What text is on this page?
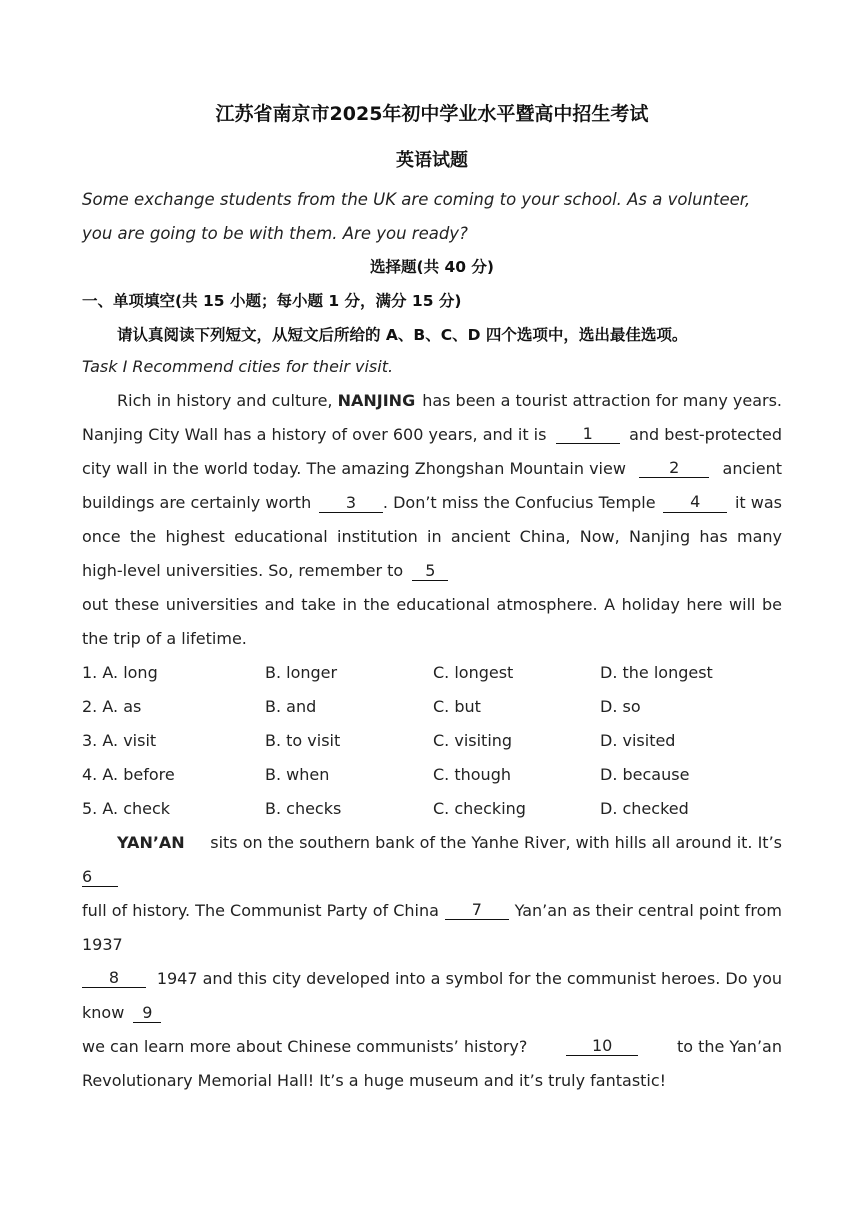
江苏省南京市2025年初中学业水平暨高中招生考试
英语试题
Some exchange students from the UK are coming to your school. As a volunteer, you are going to be with them. Are you ready?
选择题(共 40 分)
一、单项填空(共 15 小题；每小题 1 分，满分 15 分)
请认真阅读下列短文，从短文后所给的 A、B、C、D 四个选项中，选出最佳选项。
Task I Recommend cities for their visit.
Rich in history and culture, NANJING has been a tourist attraction for many years.
Nanjing City Wall has a history of over 600 years, and it is	1	and best-protected
city wall in the world today. The amazing Zhongshan Mountain view	2	ancient
buildings are certainly worth	3 . Don’t miss the Confucius Temple	4	it was
once the highest educational institution in ancient China, Now, Nanjing has many
high-level universities. So, remember to 5
out these universities and take in the educational atmosphere. A holiday here will be
the trip of a lifetime.
1. A. long	B. longer	C. longest	D. the longest
2. A. as	B. and	C. but	D. so
3. A. visit	B. to visit	C. visiting	D. visited
4. A. before	B. when	C. though	D. because
5. A. check	B. checks	C. checking	D. checked
YAN’AN sits on the southern bank of the Yanhe River, with hills all around it. It’s
6
full of history. The Communist Party of China	7	Yan’an as their central point from
1937
8	1947 and this city developed into a symbol for the communist heroes. Do you
know 9
we can learn more about Chinese communists’ history?	10	to the Yan’an
Revolutionary Memorial Hall! It’s a huge museum and it’s truly fantastic!
